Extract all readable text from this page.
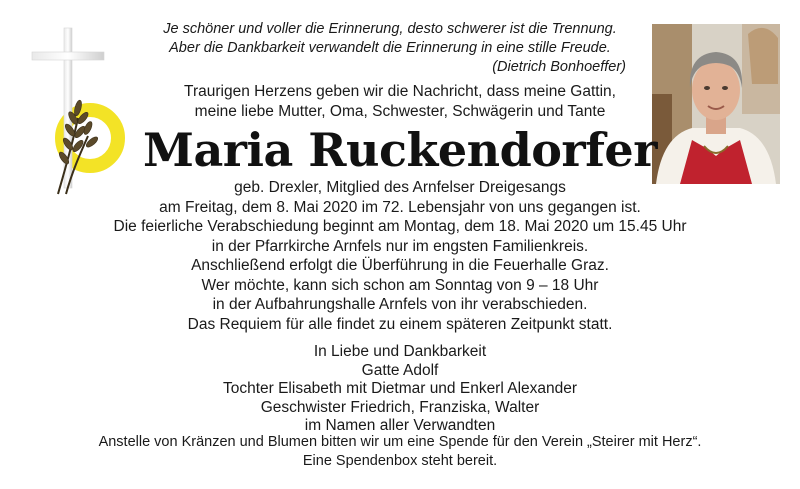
Je schöner und voller die Erinnerung, desto schwerer ist die Trennung.
Aber die Dankbarkeit verwandelt die Erinnerung in eine stille Freude.
(Dietrich Bonhoeffer)
Traurigen Herzens geben wir die Nachricht, dass meine Gattin,
meine liebe Mutter, Oma, Schwester, Schwägerin und Tante
Maria Ruckendorfer
geb. Drexler, Mitglied des Arnfelser Dreigesangs
am Freitag, dem 8. Mai 2020 im 72. Lebensjahr von uns gegangen ist.
Die feierliche Verabschiedung beginnt am Montag, dem 18. Mai 2020 um 15.45 Uhr
in der Pfarrkirche Arnfels nur im engsten Familienkreis.
Anschließend erfolgt die Überführung in die Feuerhalle Graz.
Wer möchte, kann sich schon am Sonntag von 9 – 18 Uhr
in der Aufbahrungshalle Arnfels von ihr verabschieden.
Das Requiem für alle findet zu einem späteren Zeitpunkt statt.
In Liebe und Dankbarkeit
Gatte Adolf
Tochter Elisabeth mit Dietmar und Enkerl Alexander
Geschwister Friedrich, Franziska, Walter
im Namen aller Verwandten
Anstelle von Kränzen und Blumen bitten wir um eine Spende für den Verein „Steirer mit Herz“.
Eine Spendenbox steht bereit.
